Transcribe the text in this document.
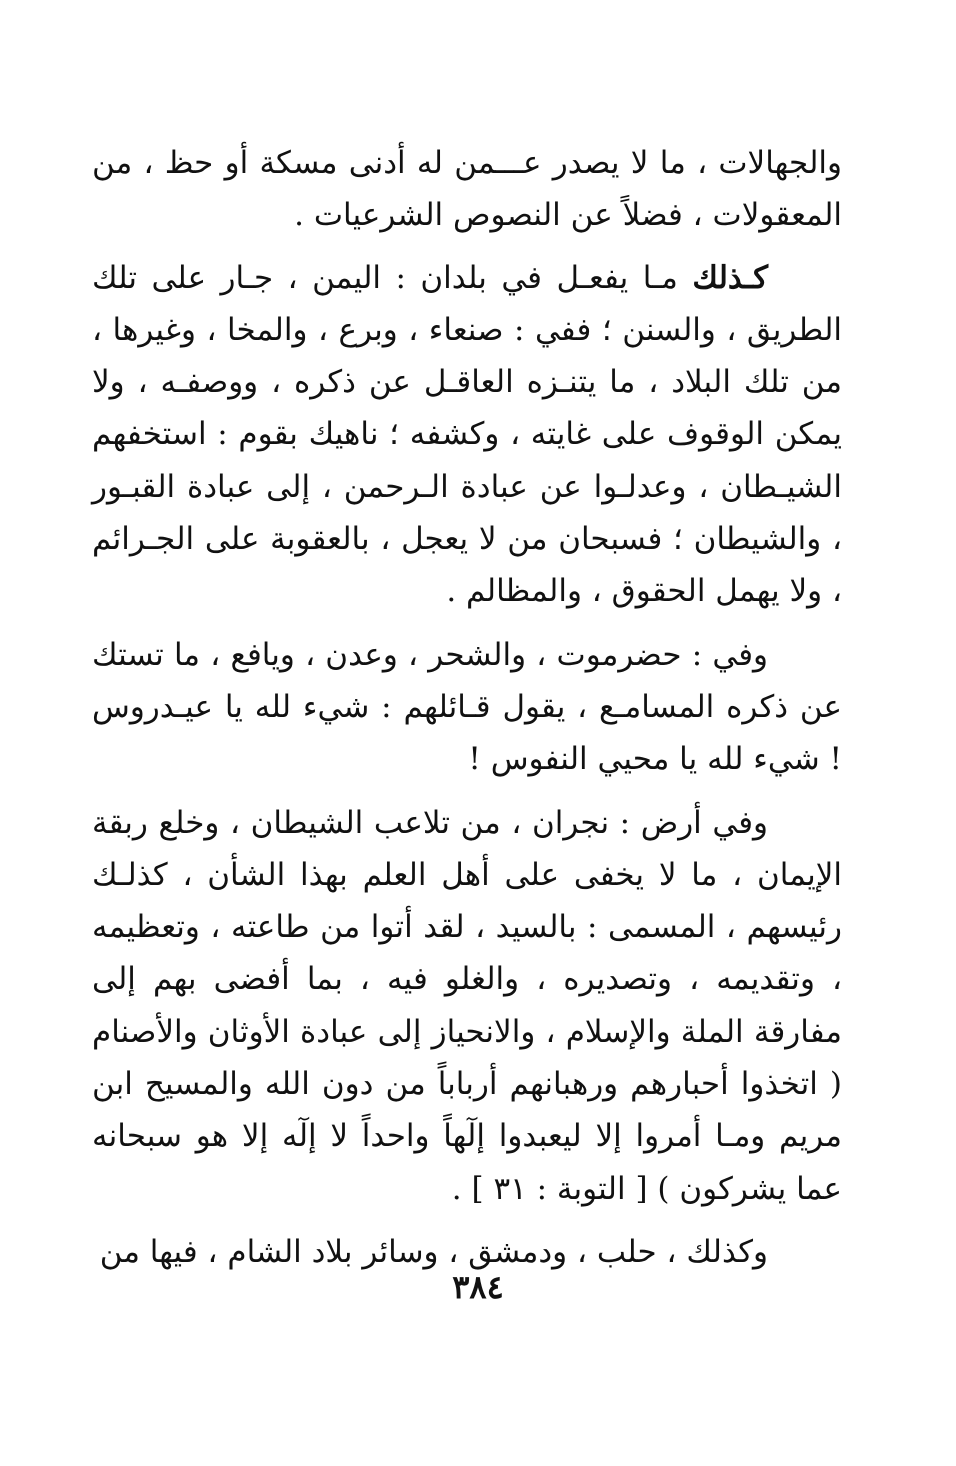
والجهالات ، ما لا يصدر عـــمن له أدنى مسكة أو حظ ، من المعقولات ، فضلاً عن النصوص الشرعيات .

كـذلك مـا يفعـل في بلدان : اليمن ، جـار على تلك الطريق ، والسنن ؛ ففي : صنعاء ، وبرع ، والمخا ، وغيرها ، من تلك البلاد ، ما يتنـزه العاقـل عن ذكره ، ووصفـه ، ولا يمكن الوقوف على غايته ، وكشفه ؛ ناهيك بقوم : استخفهم الشيـطان ، وعدلـوا عن عبادة الـرحمن ، إلى عبادة القبـور ، والشيطان ؛ فسبحان من لا يعجل ، بالعقوبة على الجـرائم ، ولا يهمل الحقوق ، والمظالم .

وفي : حضرموت ، والشحر ، وعدن ، ويافع ، ما تستك عن ذكره المسامـع ، يقول قـائلهم : شيء لله يا عيـدروس ! شيء لله يا محيي النفوس !

وفي أرض : نجران ، من تلاعب الشيطان ، وخلع ربقة الإيمان ، ما لا يخفى على أهل العلم بهذا الشأن ، كذلـك رئيسهم ، المسمى : بالسيد ، لقد أتوا من طاعته ، وتعظيمه ، وتقديمه ، وتصديره ، والغلو فيه ، بما أفضى بهم إلى مفارقة الملة والإسلام ، والانحياز إلى عبادة الأوثان والأصنام ( اتخذوا أحبارهم ورهبانهم أرباباً من دون الله والمسيح ابن مريم ومـا أمروا إلا ليعبدوا إلٓهاً واحداً لا إلٓه إلا هو سبحانه عما يشركون ) [ التوبة : ٣١ ] .

وكذلك ، حلب ، ودمشق ، وسائر بلاد الشام ، فيها من

٣٨٤
